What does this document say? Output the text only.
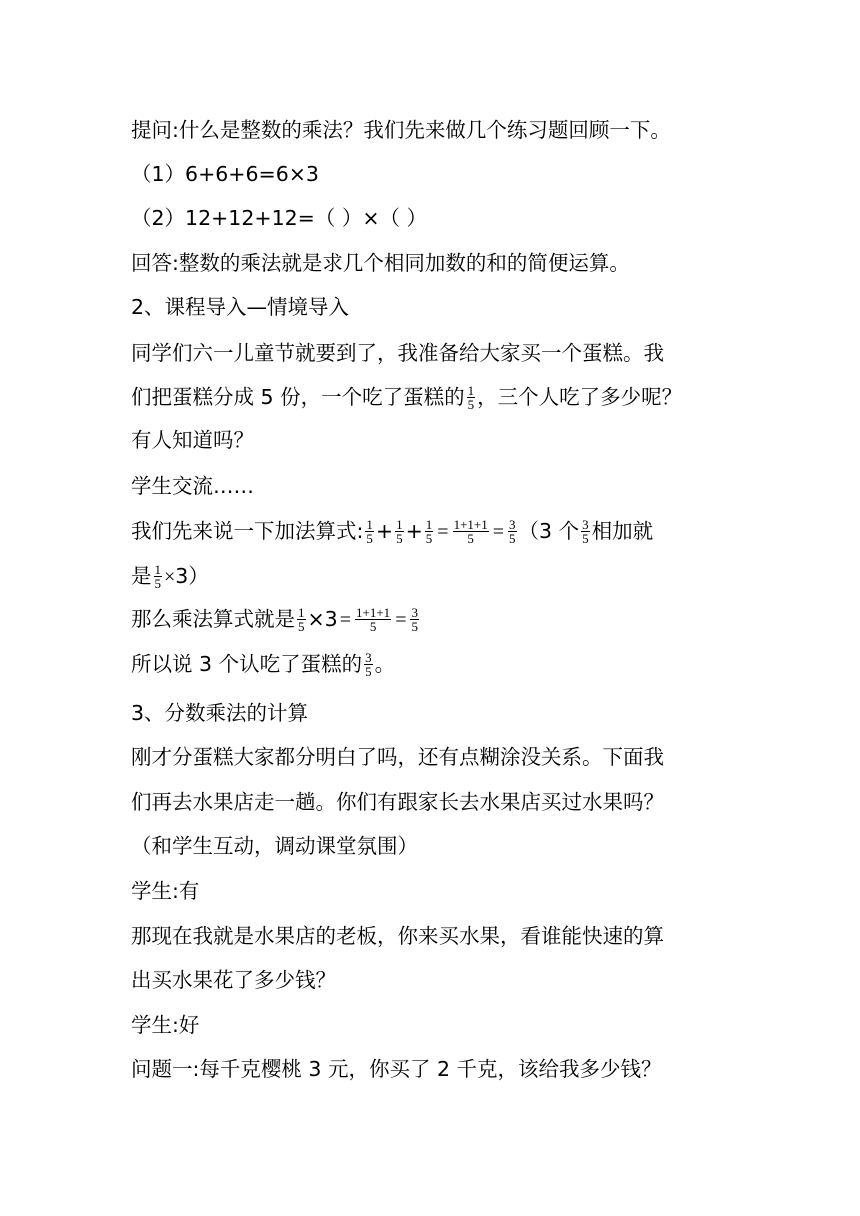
提问:什么是整数的乘法？我们先来做几个练习题回顾一下。
（1）6+6+6=6×3
（2）12+12+12=（ ）×（ ）
回答:整数的乘法就是求几个相同加数的和的简便运算。
2、课程导入—情境导入
同学们六一儿童节就要到了，我准备给大家买一个蛋糕。我
们把蛋糕分成 5 份，一个吃了蛋糕的 $\frac{1}{5}$ ，三个人吃了多少呢？
有人知道吗？
学生交流……
我们先来说一下加法算式: $\frac{1}{5} + \frac{1}{5} + \frac{1}{5} = \frac{1+1+1}{5} = \frac{3}{5} (3$ 个 $\frac{3}{5}$ 相加就
是 $\frac{1}{5} \times 3$）
那么乘法算式就是 $\frac{1}{5} \times 3 = \frac{1+1+1}{5} = \frac{3}{5}$
所以说 3 个认吃了蛋糕的 $\frac{3}{5}$ 。
3、分数乘法的计算
刚才分蛋糕大家都分明白了吗，还有点糊涂没关系。下面我
们再去水果店走一趟。你们有跟家长去水果店买过水果吗？
（和学生互动，调动课堂氛围）
学生:有
那现在我就是水果店的老板，你来买水果，看谁能快速的算
出买水果花了多少钱？
学生:好
问题一:每千克樱桃 3 元，你买了 2 千克，该给我多少钱？
